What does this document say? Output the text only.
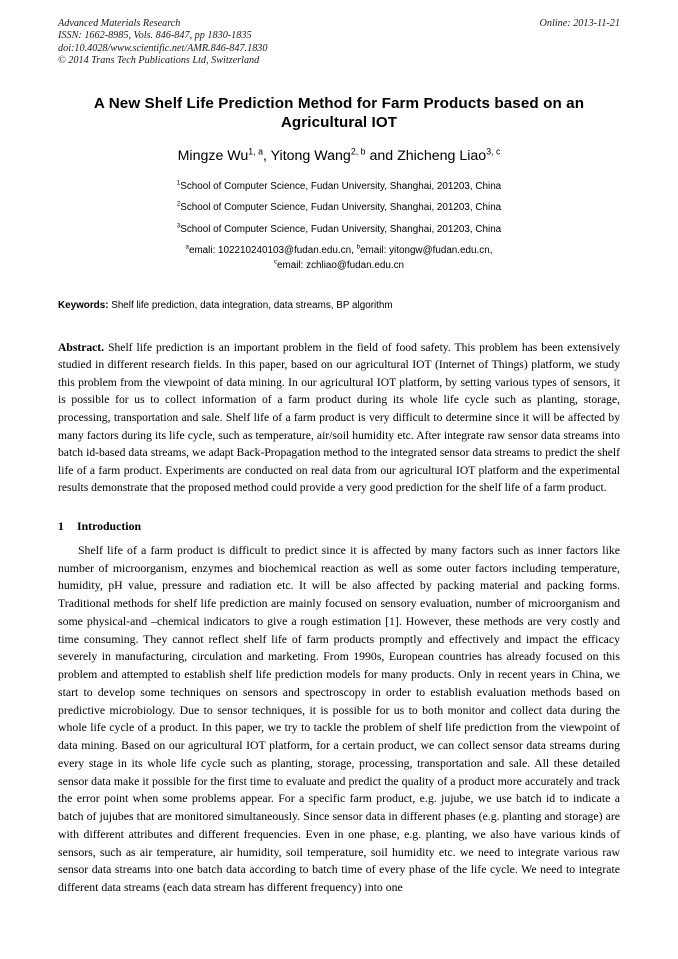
Advanced Materials Research
ISSN: 1662-8985, Vols. 846-847, pp 1830-1835
doi:10.4028/www.scientific.net/AMR.846-847.1830
© 2014 Trans Tech Publications Ltd, Switzerland
Online: 2013-11-21
A New Shelf Life Prediction Method for Farm Products based on an Agricultural IOT
Mingze Wu$^{1, a}$, Yitong Wang$^{2, b}$ and Zhicheng Liao$^{3, c}$
$^1$School of Computer Science, Fudan University, Shanghai, 201203, China
$^2$School of Computer Science, Fudan University, Shanghai, 201203, China
$^3$School of Computer Science, Fudan University, Shanghai, 201203, China
$^a$emali: 102210240103@fudan.edu.cn, $^b$email: yitongw@fudan.edu.cn,
$^c$email: zchliao@fudan.edu.cn
Keywords: Shelf life prediction, data integration, data streams, BP algorithm
Abstract. Shelf life prediction is an important problem in the field of food safety. This problem has been extensively studied in different research fields. In this paper, based on our agricultural IOT (Internet of Things) platform, we study this problem from the viewpoint of data mining. In our agricultural IOT platform, by setting various types of sensors, it is possible for us to collect information of a farm product during its whole life cycle such as planting, storage, processing, transportation and sale. Shelf life of a farm product is very difficult to determine since it will be affected by many factors during its life cycle, such as temperature, air/soil humidity etc. After integrate raw sensor data streams into batch id-based data streams, we adapt Back-Propagation method to the integrated sensor data streams to predict the shelf life of a farm product. Experiments are conducted on real data from our agricultural IOT platform and the experimental results demonstrate that the proposed method could provide a very good prediction for the shelf life of a farm product.
1 Introduction
Shelf life of a farm product is difficult to predict since it is affected by many factors such as inner factors like number of microorganism, enzymes and biochemical reaction as well as some outer factors including temperature, humidity, pH value, pressure and radiation etc. It will be also affected by packing material and packing forms. Traditional methods for shelf life prediction are mainly focused on sensory evaluation, number of microorganism and some physical-and –chemical indicators to give a rough estimation [1]. However, these methods are very costly and time consuming. They cannot reflect shelf life of farm products promptly and effectively and impact the efficacy severely in manufacturing, circulation and marketing. From 1990s, European countries has already focused on this problem and attempted to establish shelf life prediction models for many products. Only in recent years in China, we start to develop some techniques on sensors and spectroscopy in order to establish evaluation methods based on predictive microbiology. Due to sensor techniques, it is possible for us to both monitor and collect data during the whole life cycle of a product. In this paper, we try to tackle the problem of shelf life prediction from the viewpoint of data mining. Based on our agricultural IOT platform, for a certain product, we can collect sensor data streams during every stage in its whole life cycle such as planting, storage, processing, transportation and sale. All these detailed sensor data make it possible for the first time to evaluate and predict the quality of a product more accurately and track the error point when some problems appear. For a specific farm product, e.g. jujube, we use batch id to indicate a batch of jujubes that are monitored simultaneously. Since sensor data in different phases (e.g. planting and storage) are with different attributes and different frequencies. Even in one phase, e.g. planting, we also have various kinds of sensors, such as air temperature, air humidity, soil temperature, soil humidity etc. we need to integrate various raw sensor data streams into one batch data according to batch time of every phase of the life cycle. We need to integrate different data streams (each data stream has different frequency) into one
